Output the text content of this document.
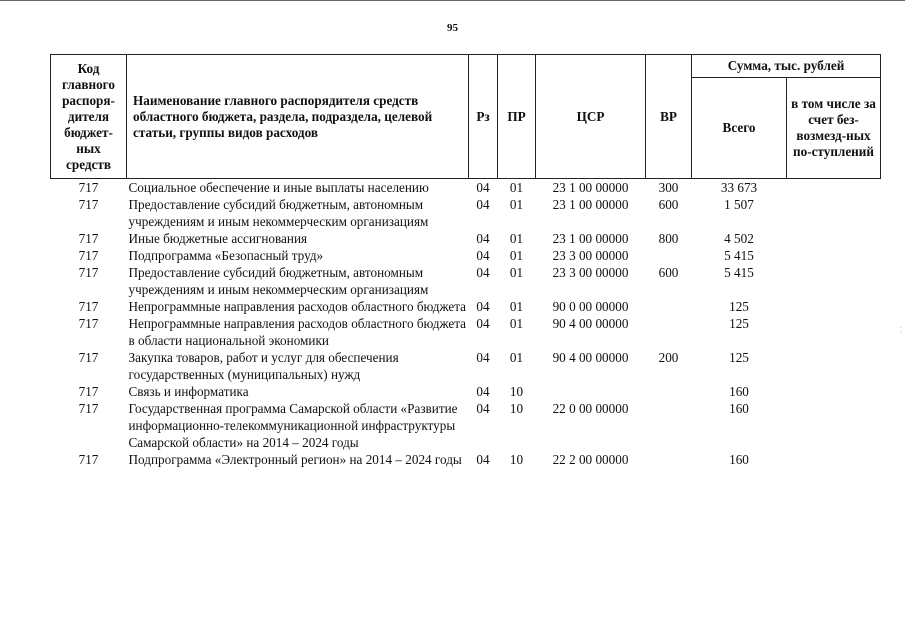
95
Код главного распоря-дителя бюджет-ных средств	Наименование главного распорядителя средств областного бюджета, раздела, подраздела, целевой статьи, группы видов расходов	Рз	ПР	ЦСР	ВР	Сумма, тыс. рублей	
						Всего	в том числе за счет без-возмезд-ных по-ступлений
717	Социальное обеспечение и иные выплаты населению	04	01	23 1 00 00000	300	33 673	
717	Предоставление субсидий бюджетным, автономным учреждениям и иным некоммерческим организациям	04	01	23 1 00 00000	600	1 507	
717	Иные бюджетные ассигнования	04	01	23 1 00 00000	800	4 502	
717	Подпрограмма «Безопасный труд»	04	01	23 3 00 00000		5 415	
717	Предоставление субсидий бюджетным, автономным учреждениям и иным некоммерческим организациям	04	01	23 3 00 00000	600	5 415	
717	Непрограммные направления расходов областного бюджета	04	01	90 0 00 00000		125	
717	Непрограммные направления расходов областного бюджета в области национальной экономики	04	01	90 4 00 00000		125	
717	Закупка товаров, работ и услуг для обеспечения государственных (муниципальных) нужд	04	01	90 4 00 00000	200	125	
717	Связь и информатика	04	10			160	
717	Государственная программа Самарской области «Развитие информационно-телекоммуникационной инфраструктуры Самарской области» на 2014 – 2024 годы	04	10	22 0 00 00000		160	
717	Подпрограмма «Электронный регион» на 2014 – 2024 годы	04	10	22 2 00 00000		160	
⋮
